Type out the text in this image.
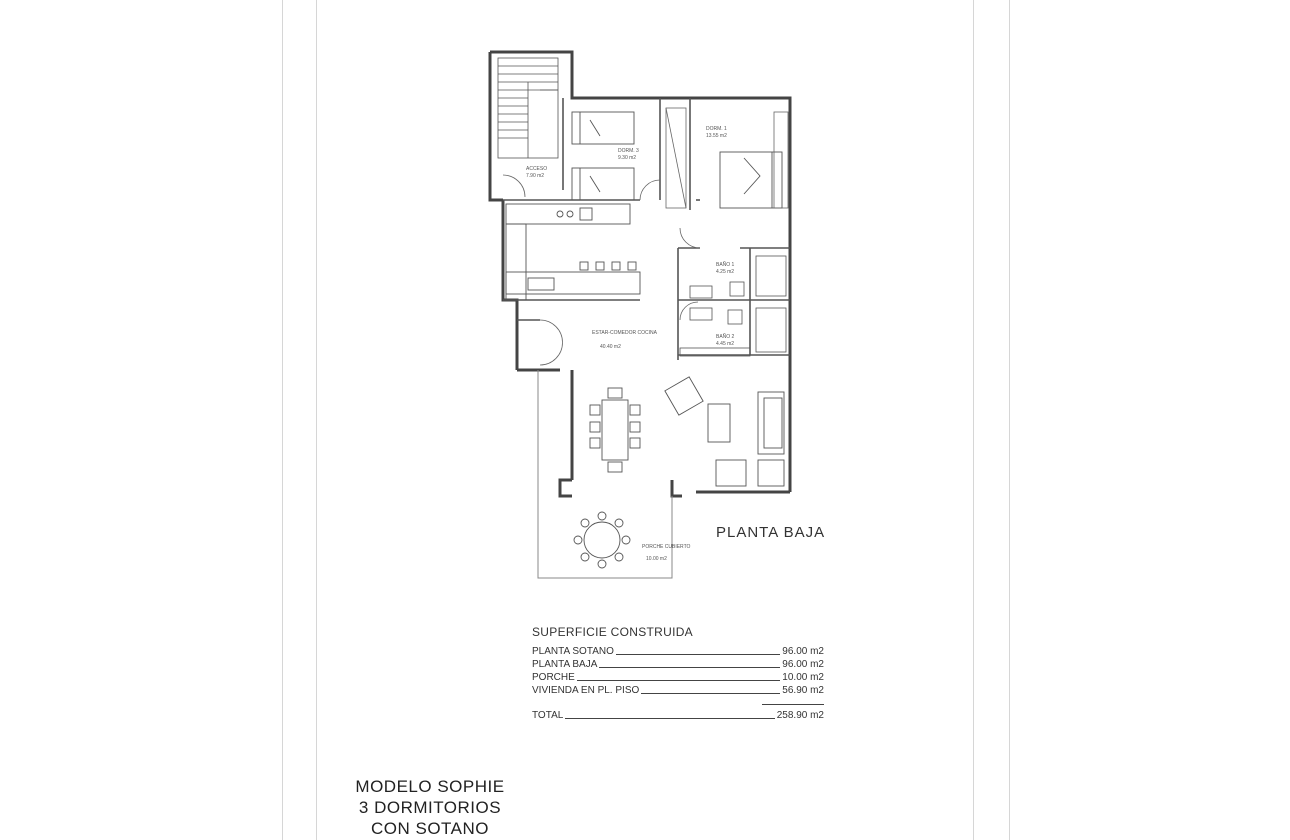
ACCESO
7.90 m2
DORM. 3
9.30 m2
DORM. 1
13.55 m2
BAÑO 1
4.25 m2
ESTAR-COMEDOR COCINA
40.40 m2
BAÑO 2
4.45 m2
PORCHE CUBIERTO
10.00 m2
PLANTA BAJA
SUPERFICIE CONSTRUIDA
PLANTA SOTANO	96.00 m2
PLANTA BAJA	96.00 m2
PORCHE	10.00 m2
VIVIENDA EN PL. PISO	56.90 m2
TOTAL	258.90 m2
MODELO SOPHIE
3 DORMITORIOS
CON SOTANO
